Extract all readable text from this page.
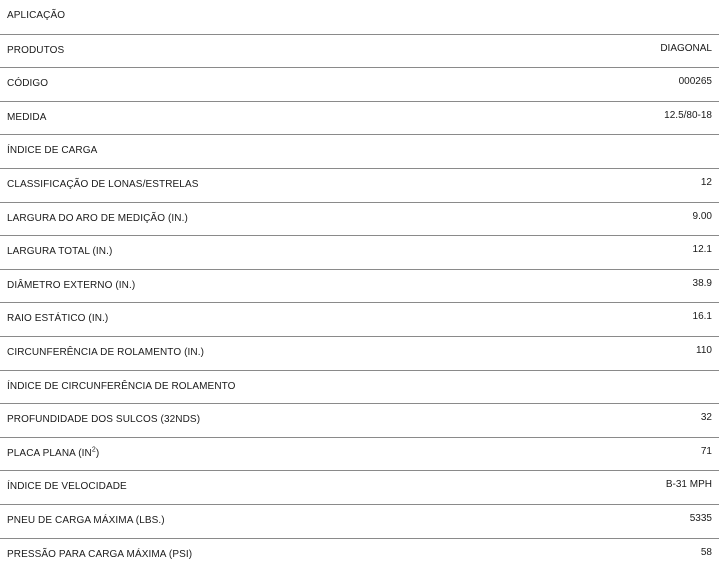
APLICAÇÃO
PRODUTOS	DIAGONAL
CÓDIGO	000265
MEDIDA	12.5/80-18
ÍNDICE DE CARGA
CLASSIFICAÇÃO DE LONAS/ESTRELAS	12
LARGURA DO ARO DE MEDIÇÃO (IN.)	9.00
LARGURA TOTAL (IN.)	12.1
DIÂMETRO EXTERNO (IN.)	38.9
RAIO ESTÁTICO (IN.)	16.1
CIRCUNFERÊNCIA DE ROLAMENTO (IN.)	110
ÍNDICE DE CIRCUNFERÊNCIA DE ROLAMENTO
PROFUNDIDADE DOS SULCOS (32NDS)	32
PLACA PLANA $(IN^2)$	71
ÍNDICE DE VELOCIDADE	B-31 MPH
PNEU DE CARGA MÁXIMA (LBS.)	5335
PRESSÃO PARA CARGA MÁXIMA (PSI)	58
